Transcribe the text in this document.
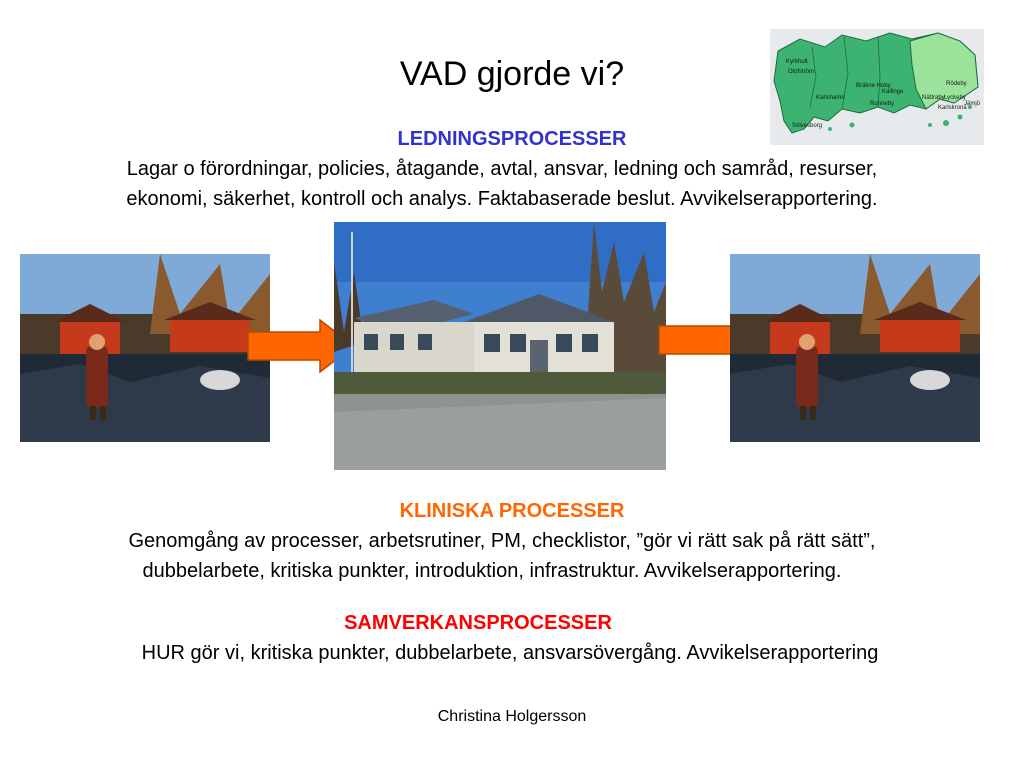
VAD gjorde vi?	Kyrkhult
Olofström
Karlshamn
Bräkne Hoby
Kallinge
Ronneby
Rödeby
Nättraby Lyckeby
Jämjö
Karlskrona
Sölvesborg
LEDNINGSPROCESSER
Lagar o förordningar, policies, åtagande, avtal, ansvar, ledning och samråd, resurser,
ekonomi, säkerhet, kontroll och analys. Faktabaserade beslut. Avvikelserapportering.
KLINISKA PROCESSER
Genomgång av processer, arbetsrutiner, PM, checklistor, ”gör vi rätt sak på rätt sätt”,
dubbelarbete, kritiska punkter, introduktion, infrastruktur. Avvikelserapportering.
SAMVERKANSPROCESSER
HUR gör vi, kritiska punkter, dubbelarbete, ansvarsövergång. Avvikelserapportering
Christina Holgersson
